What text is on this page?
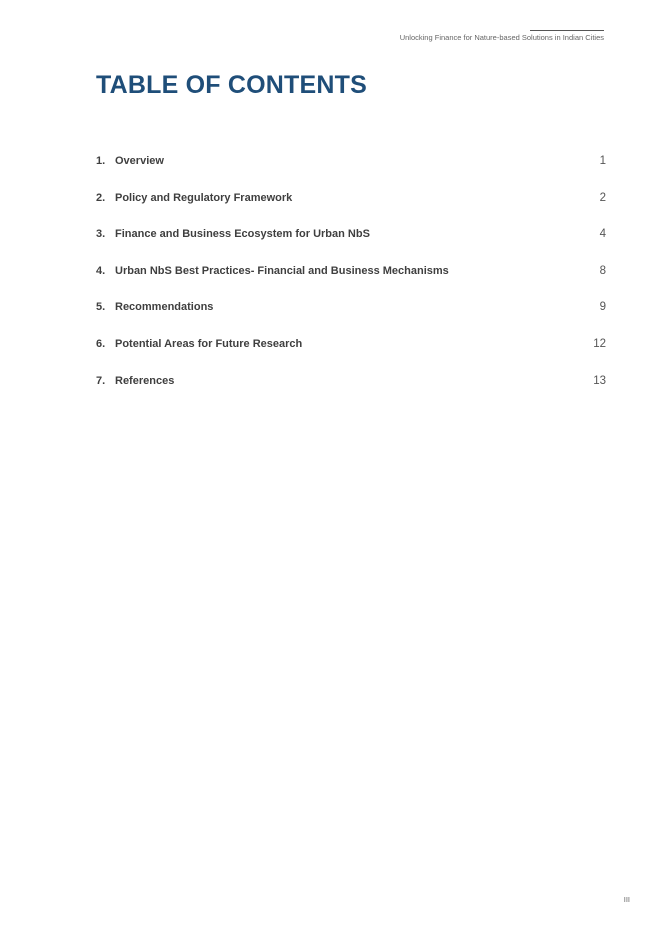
Unlocking Finance for Nature-based Solutions in Indian Cities
TABLE OF CONTENTS
1. Overview	1
2. Policy and Regulatory Framework	2
3. Finance and Business Ecosystem for Urban NbS	4
4. Urban NbS Best Practices- Financial and Business Mechanisms	8
5. Recommendations	9
6. Potential Areas for Future Research	12
7. References	13
III
